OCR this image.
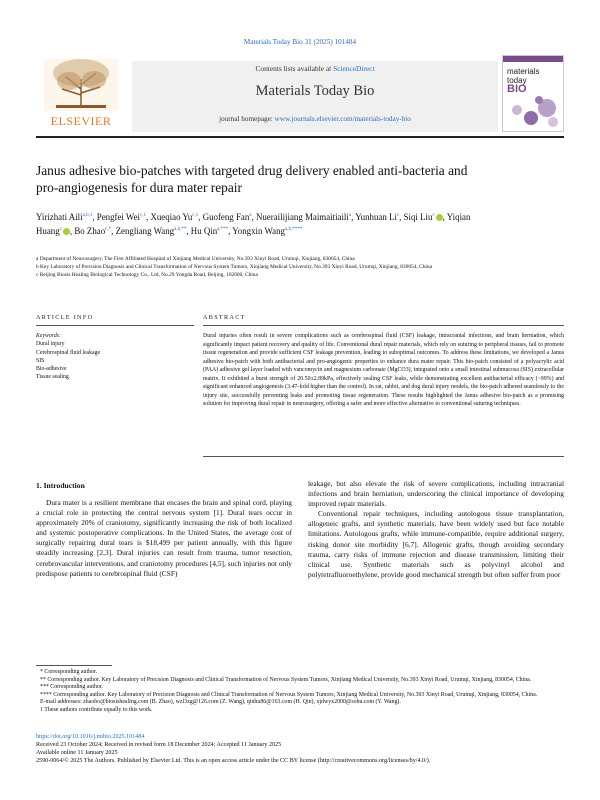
Materials Today Bio 31 (2025) 101484
ELSEVIER
Contents lists available at ScienceDirect
Materials Today Bio
journal homepage: www.journals.elsevier.com/materials-today-bio
materials
today
BIO
Janus adhesive bio-patches with targeted drug delivery enabled anti-bacteria and pro-angiogenesis for dura mater repair
Yirizhati Aili$^{a,b,1}$, Pengfei Wei$^{c,1}$, Xueqiao Yu$^{c,1}$, Guofeng Fan$^a$, Nuerailijiang Maimaitiaili$^a$, Yunhuan Li$^c$, Siqi Liu$^c$ , Yiqian Huang$^c$ , Bo Zhao$^{c,*}$, Zengliang Wang$^{a,b,**}$, Hu Qin$^{a,***}$, Yongxin Wang$^{a,b,****}$
a Department of Neurosurgery, The First Affiliated Hospital of Xinjiang Medical University, No.393 Xinyi Road, Urumqi, Xinjiang, 830054, China
b Key Laboratory of Precision Diagnosis and Clinical Transformation of Nervous System Tumors, Xinjiang Medical University, No.393 Xinyi Road, Urumqi, Xinjiang, 830054, China
c Beijing Biosis Healing Biological Technology Co., Ltd, No.29 Yongda Road, Beijing, 102600, China
ARTICLE INFO	ABSTRACT
Keywords:
Dural injury
Cerebrospinal fluid leakage
SIS
Bio-adhesive
Tissue sealing
Dural injuries often result in severe complications such as cerebrospinal fluid (CSF) leakage, intracranial infections, and brain herniation, which significantly impact patient recovery and quality of life. Conventional dural repair materials, which rely on suturing to peripheral tissues, fail to promote tissue regeneration and provide sufficient CSF leakage prevention, leading to suboptimal outcomes. To address these limitations, we developed a Janus adhesive bio-patch with both antibacterial and pro-angiogenic properties to enhance dura mater repair. This bio-patch consisted of a polyacrylic acid (PAA) adhesive gel layer loaded with vancomycin and magnesium carbonate (MgCO3), integrated onto a small intestinal submucosa (SIS) extracellular matrix. It exhibited a burst strength of 20.50±2.89kPa, effectively sealing CSF leaks, while demonstrating excellent antibacterial efficacy (~99%) and significant enhanced angiogenesis (3.47-fold higher than the control). In rat, rabbit, and dog dural injury models, the bio-patch adhered seamlessly to the injury site, successfully preventing leaks and promoting tissue regeneration. These results highlighted the Janus adhesive bio-patch as a promising solution for improving dural repair in neurosurgery, offering a safer and more effective alternative to conventional suturing techniques.
1. Introduction

Dura mater is a resilient membrane that encases the brain and spinal cord, playing a crucial role in protecting the central nervous system [1]. Dural tears occur in approximately 20% of craniotomy, significantly increasing the risk of both localized and systemic postoperative complications. In the United States, the average cost of surgically repairing dural tears is $18,499 per patient annually, with this figure steadily increasing [2,3]. Dural injuries can result from trauma, tumor resection, cerebrovascular interventions, and craniotomy procedures [4,5], such injuries not only predispose patients to cerebrospinal fluid (CSF)

leakage, but also elevate the risk of severe complications, including intracranial infections and brain herniation, underscoring the clinical importance of developing improved repair materials.

Conventional repair techniques, including autologous tissue transplantation, allogeneic grafts, and synthetic materials, have been widely used but face notable limitations. Autologous grafts, while immune-compatible, require additional surgery, risking donor site morbidity [6,7]. Allogenic grafts, though avoiding secondary trauma, carry risks of immune rejection and disease transmission, limiting their clinical use. Synthetic materials such as polyvinyl alcohol and polytetrafluoroethylene, provide good mechanical strength but often suffer from poor

* Corresponding author.
** Corresponding author. Key Laboratory of Precision Diagnosis and Clinical Transformation of Nervous System Tumors, Xinjiang Medical University, No.393 Xinyi Road, Urumqi, Xinjiang, 830054, China.
*** Corresponding author.
**** Corresponding author. Key Laboratory of Precision Diagnosis and Clinical Transformation of Nervous System Tumors, Xinjiang Medical University, No.393 Xinyi Road, Urumqi, Xinjiang, 830054, China.
E-mail addresses: zhaobo@biosishealing.com (B. Zhao), wzl3zg@126.com (Z. Wang), qinhu86@163.com (H. Qin), xjdwyx2000@sohu.com (Y. Wang).
1 These authors contribute equally to this work.
https://doi.org/10.1016/j.mtbio.2025.101484
Received 23 October 2024; Received in revised form 18 December 2024; Accepted 11 January 2025
Available online 11 January 2025
2590-0064/© 2025 The Authors. Published by Elsevier Ltd. This is an open access article under the CC BY license (http://creativecommons.org/licenses/by/4.0/).
